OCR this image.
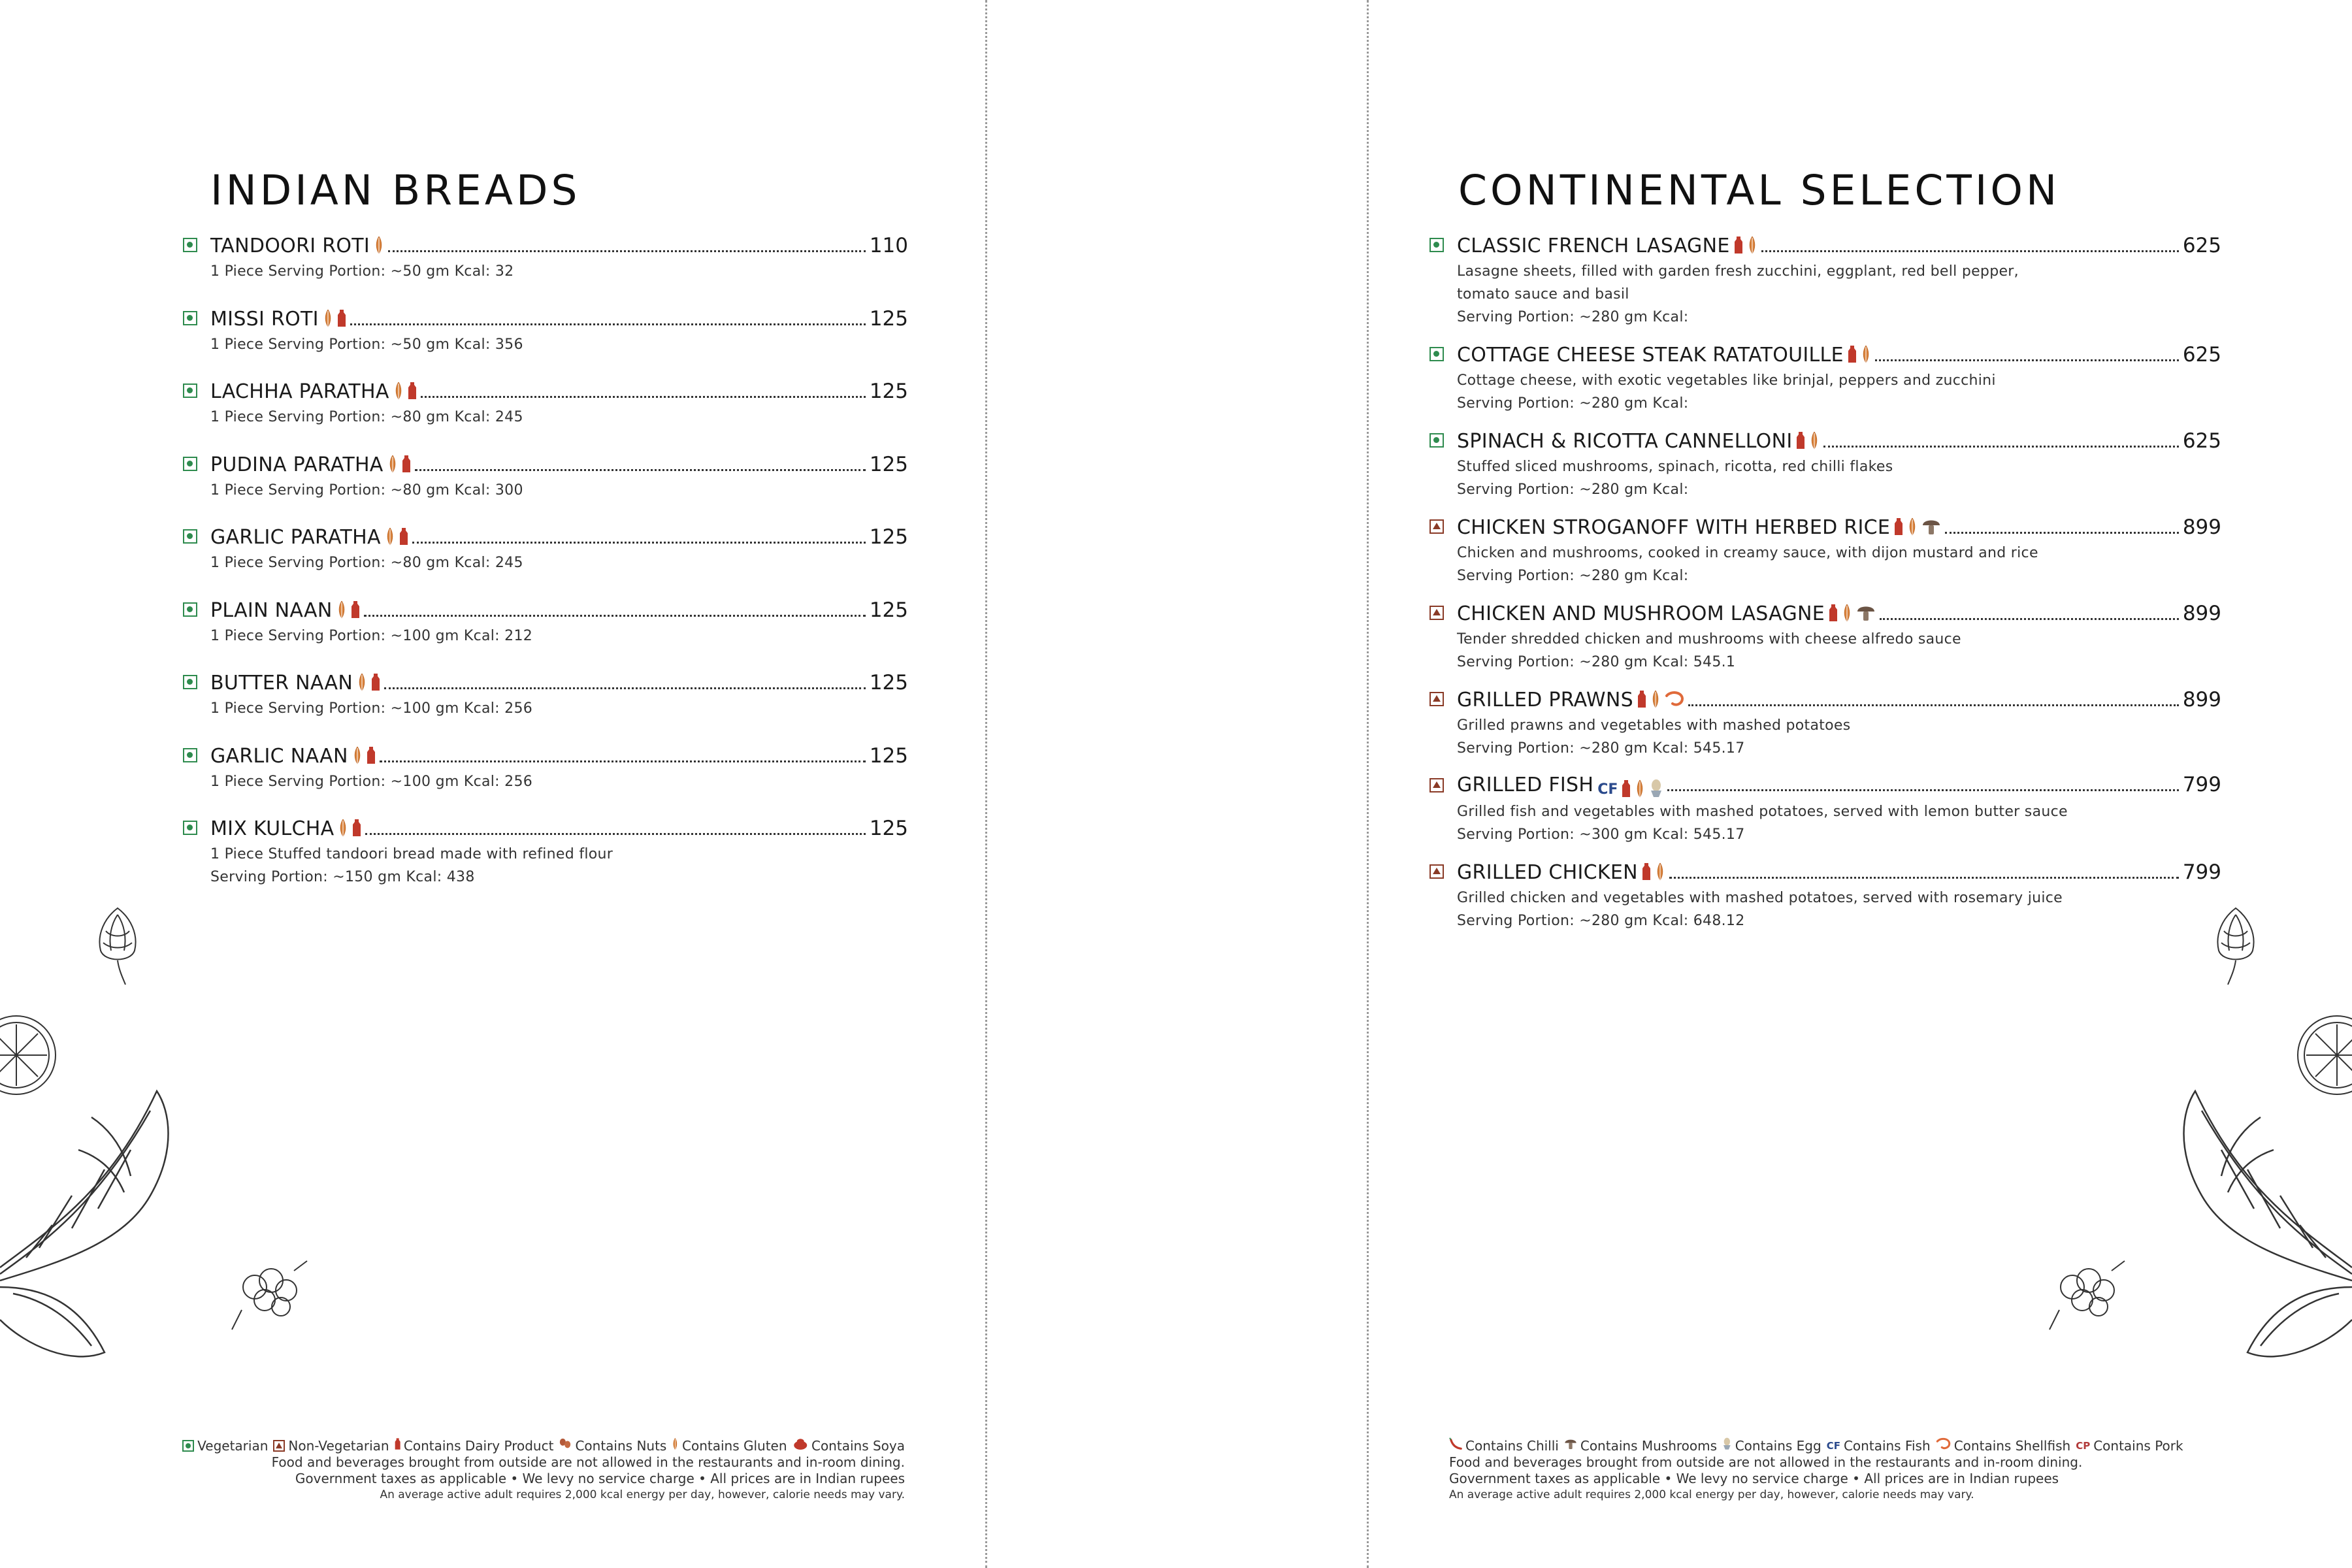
INDIAN BREADS
TANDOORI ROTI	110
1 Piece Serving Portion: ~50 gm Kcal: 32
MISSI ROTI	125
1 Piece Serving Portion: ~50 gm Kcal: 356
LACHHA PARATHA	125
1 Piece Serving Portion: ~80 gm Kcal: 245
PUDINA PARATHA	125
1 Piece Serving Portion: ~80 gm Kcal: 300
GARLIC PARATHA	125
1 Piece Serving Portion: ~80 gm Kcal: 245
PLAIN NAAN	125
1 Piece Serving Portion: ~100 gm Kcal: 212
BUTTER NAAN	125
1 Piece Serving Portion: ~100 gm Kcal: 256
GARLIC NAAN	125
1 Piece Serving Portion: ~100 gm Kcal: 256
MIX KULCHA	125
1 Piece Stuffed tandoori bread made with refined flour
Serving Portion: ~150 gm Kcal: 438
Vegetarian Non-Vegetarian Contains Dairy Product Contains Nuts Contains Gluten Contains Soya
Food and beverages brought from outside are not allowed in the restaurants and in-room dining.
Government taxes as applicable • We levy no service charge • All prices are in Indian rupees
An average active adult requires 2,000 kcal energy per day, however, calorie needs may vary.
CONTINENTAL SELECTION
CLASSIC FRENCH LASAGNE	625
Lasagne sheets, filled with garden fresh zucchini, eggplant, red bell pepper,
tomato sauce and basil
Serving Portion: ~280 gm Kcal:
COTTAGE CHEESE STEAK RATATOUILLE	625
Cottage cheese, with exotic vegetables like brinjal, peppers and zucchini
Serving Portion: ~280 gm Kcal:
SPINACH & RICOTTA CANNELLONI	625
Stuffed sliced mushrooms, spinach, ricotta, red chilli flakes
Serving Portion: ~280 gm Kcal:
CHICKEN STROGANOFF WITH HERBED RICE	899
Chicken and mushrooms, cooked in creamy sauce, with dijon mustard and rice
Serving Portion: ~280 gm Kcal:
CHICKEN AND MUSHROOM LASAGNE	899
Tender shredded chicken and mushrooms with cheese alfredo sauce
Serving Portion: ~280 gm Kcal: 545.1
GRILLED PRAWNS	899
Grilled prawns and vegetables with mashed potatoes
Serving Portion: ~280 gm Kcal: 545.17
GRILLED FISH CF	799
Grilled fish and vegetables with mashed potatoes, served with lemon butter sauce
Serving Portion: ~300 gm Kcal: 545.17
GRILLED CHICKEN	799
Grilled chicken and vegetables with mashed potatoes, served with rosemary juice
Serving Portion: ~280 gm Kcal: 648.12
Contains Chilli Contains Mushrooms Contains Egg CF Contains Fish Contains Shellfish CP Contains Pork
Food and beverages brought from outside are not allowed in the restaurants and in-room dining.
Government taxes as applicable • We levy no service charge • All prices are in Indian rupees
An average active adult requires 2,000 kcal energy per day, however, calorie needs may vary.
